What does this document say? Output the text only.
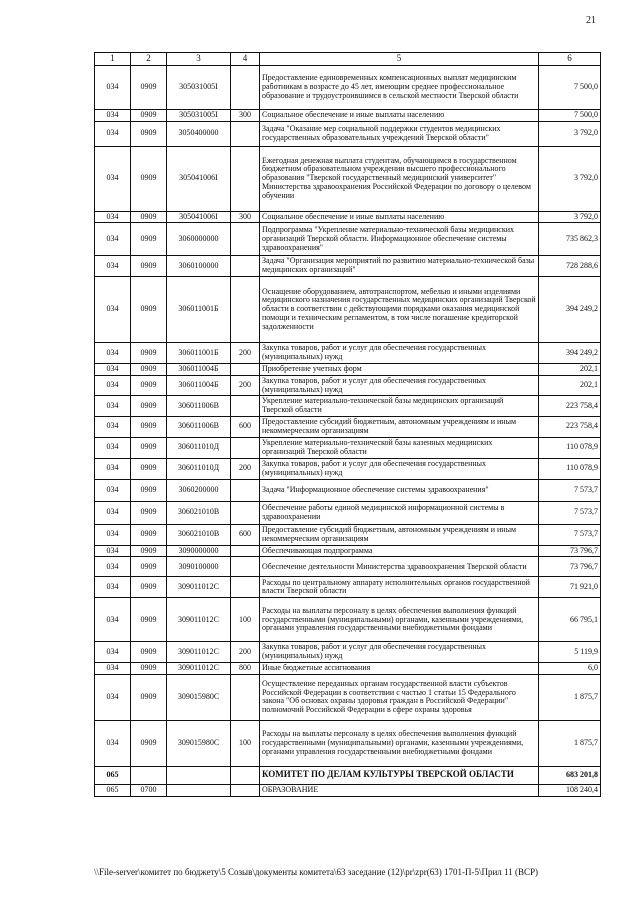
21
1	2	3	4	5	6
034	0909	305031005I		Предоставление единовременных компенсационных выплат медицинским работникам в возрасте до 45 лет, имеющим среднее профессиональное образование и трудоустроившимся в сельской местности Тверской области	7 500,0
034	0909	305031005I	300	Социальное обеспечение и иные выплаты населению	7 500,0
034	0909	3050400000		Задача "Оказание мер социальной поддержки студентов медицинских государственных образовательных учреждений Тверской области"	3 792,0
034	0909	305041006I		Ежегодная денежная выплата студентам, обучающимся в государственном бюджетном образовательном учреждении высшего профессионального образования "Тверской государственный медицинский университет" Министерства здравоохранения Российской Федерации по договору о целевом обучении	3 792,0
034	0909	305041006I	300	Социальное обеспечение и иные выплаты населению	3 792,0
034	0909	3060000000		Подпрограмма "Укрепление материально-технической базы медицинских организаций Тверской области. Информационное обеспечение системы здравоохранения"	735 862,3
034	0909	3060100000		Задача "Организация мероприятий по развитию материально-технической базы медицинских организаций"	728 288,6
034	0909	306011001Б		Оснащение оборудованием, автотранспортом, мебелью и иными изделиями медицинского назначения государственных медицинских организаций Тверской области в соответствии с действующими порядками оказания медицинской помощи и техническим регламентом, в том числе погашение кредиторской задолженности	394 249,2
034	0909	306011001Б	200	Закупка товаров, работ и услуг для обеспечения государственных (муниципальных) нужд	394 249,2
034	0909	306011004Б		Приобретение учетных форм	202,1
034	0909	306011004Б	200	Закупка товаров, работ и услуг для обеспечения государственных (муниципальных) нужд	202,1
034	0909	306011006В		Укрепление материально-технической базы медицинских организаций Тверской области	223 758,4
034	0909	306011006В	600	Предоставление субсидий бюджетным, автономным учреждениям и иным некоммерческим организациям	223 758,4
034	0909	306011010Д		Укрепление материально-технической базы казенных медицинских организаций Тверской области	110 078,9
034	0909	306011010Д	200	Закупка товаров, работ и услуг для обеспечения государственных (муниципальных) нужд	110 078,9
034	0909	3060200000		Задача "Информационное обеспечение системы здравоохранения"	7 573,7
034	0909	306021010В		Обеспечение работы единой медицинской информационной системы в здравоохранении	7 573,7
034	0909	306021010В	600	Предоставление субсидий бюджетным, автономным учреждениям и иным некоммерческим организациям	7 573,7
034	0909	3090000000		Обеспечивающая подпрограмма	73 796,7
034	0909	3090100000		Обеспечение деятельности Министерства здравоохранения Тверской области	73 796,7
034	0909	309011012С		Расходы по центральному аппарату исполнительных органов государственной власти Тверской области	71 921,0
034	0909	309011012С	100	Расходы на выплаты персоналу в целях обеспечения выполнения функций государственными (муниципальными) органами, казенными учреждениями, органами управления государственными внебюджетными фондами	66 795,1
034	0909	309011012С	200	Закупка товаров, работ и услуг для обеспечения государственных (муниципальных) нужд	5 119,9
034	0909	309011012С	800	Иные бюджетные ассигнования	6,0
034	0909	309015980С		Осуществление переданных органам государственной власти субъектов Российской Федерации в соответствии с частью 1 статьи 15 Федерального закона "Об основах охраны здоровья граждан в Российской Федерации" полномочий Российской Федерации в сфере охраны здоровья	1 875,7
034	0909	309015980С	100	Расходы на выплаты персоналу в целях обеспечения выполнения функций государственными (муниципальными) органами, казенными учреждениями, органами управления государственными внебюджетными фондами	1 875,7
065				КОМИТЕТ ПО ДЕЛАМ КУЛЬТУРЫ ТВЕРСКОЙ ОБЛАСТИ	683 201,8
065	0700			ОБРАЗОВАНИЕ	108 240,4
\\File-server\комитет по бюджету\5 Созыв\документы комитета\63 заседание (12)\pr\zpr(63) 1701-П-5\Прил 11 (ВСР)
